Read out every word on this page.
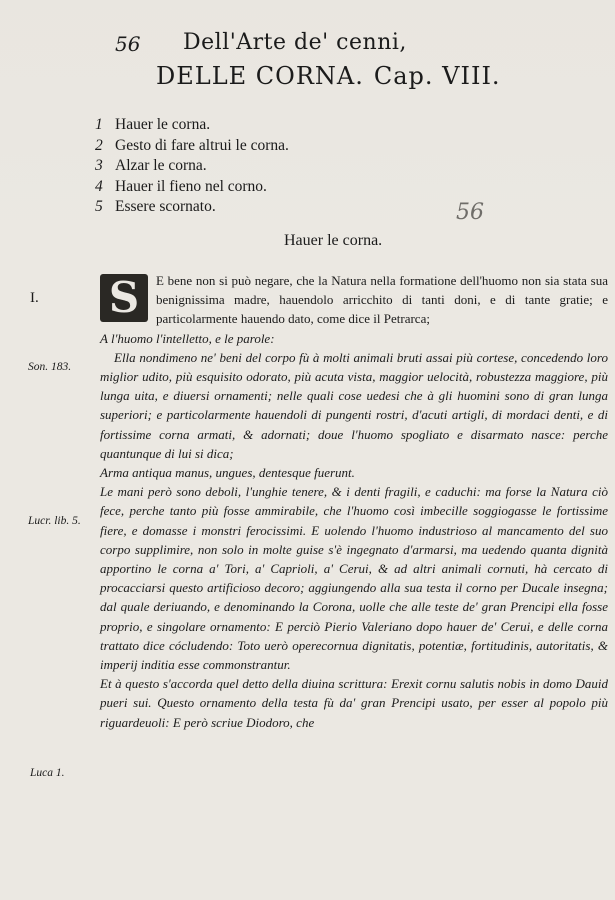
56 Dell'Arte de' cenni,
DELLE CORNA. Cap. VIII.
1 Hauer le corna.
2 Gesto di fare altrui le corna.
3 Alzar le corna.
4 Hauer il fieno nel corno.
5 Essere scornato.	56
Hauer le corna.
I.
Son. 183.
Lucr. lib. 5.
Luca 1.
S	E bene non si può negare, che la Natura nella formatione dell'huomo non sia stata sua benignissima madre, hauendolo arricchito di tanti doni, e di tante gratie; e particolarmente hauendo dato, come dice il Petrarca;

A l'huomo l'intelletto, e le parole:

Ella nondimeno ne' beni del corpo fù à molti animali bruti assai più cortese, concedendo loro miglior udito, più esquisito odorato, più acuta vista, maggior uelocità, robustezza maggiore, più lunga uita, e diuersi ornamenti; nelle quali cose uedesi che à gli huomini sono di gran lunga superiori; e particolarmente hauendoli di pungenti rostri, d'acuti artigli, di mordaci denti, e di fortissime corna armati, & adornati; doue l'huomo spogliato e disarmato nasce: perche quantunque di lui si dica;

Arma antiqua manus, ungues, dentesque fuerunt.

Le mani però sono deboli, l'unghie tenere, & i denti fragili, e caduchi: ma forse la Natura ciò fece, perche tanto più fosse ammirabile, che l'huomo così imbecille soggiogasse le fortissime fiere, e domasse i monstri ferocissimi. E uolendo l'huomo industrioso al mancamento del suo corpo supplimire, non solo in molte guise s'è ingegnato d'armarsi, ma uedendo quanta dignità apportino le corna a' Tori, a' Caprioli, a' Cerui, & ad altri animali cornuti, hà cercato di procacciarsi questo artificioso decoro; aggiungendo alla sua testa il corno per Ducale insegna; dal quale deriuando, e denominando la Corona, uolle che alle teste de' gran Prencipi ella fosse proprio, e singolare ornamento: E perciò Pierio Valeriano dopo hauer de' Cerui, e delle corna trattato dice cócludendo: Toto uerò operecornua dignitatis, potentiæ, fortitudinis, autoritatis, & imperij inditia esse commonstrantur.

Et à questo s'accorda quel detto della diuina scrittura: Erexit cornu salutis nobis in domo Dauid pueri sui. Questo ornamento della testa fù da' gran Prencipi usato, per esser al popolo più riguardeuoli: E però scriue Diodoro, che
